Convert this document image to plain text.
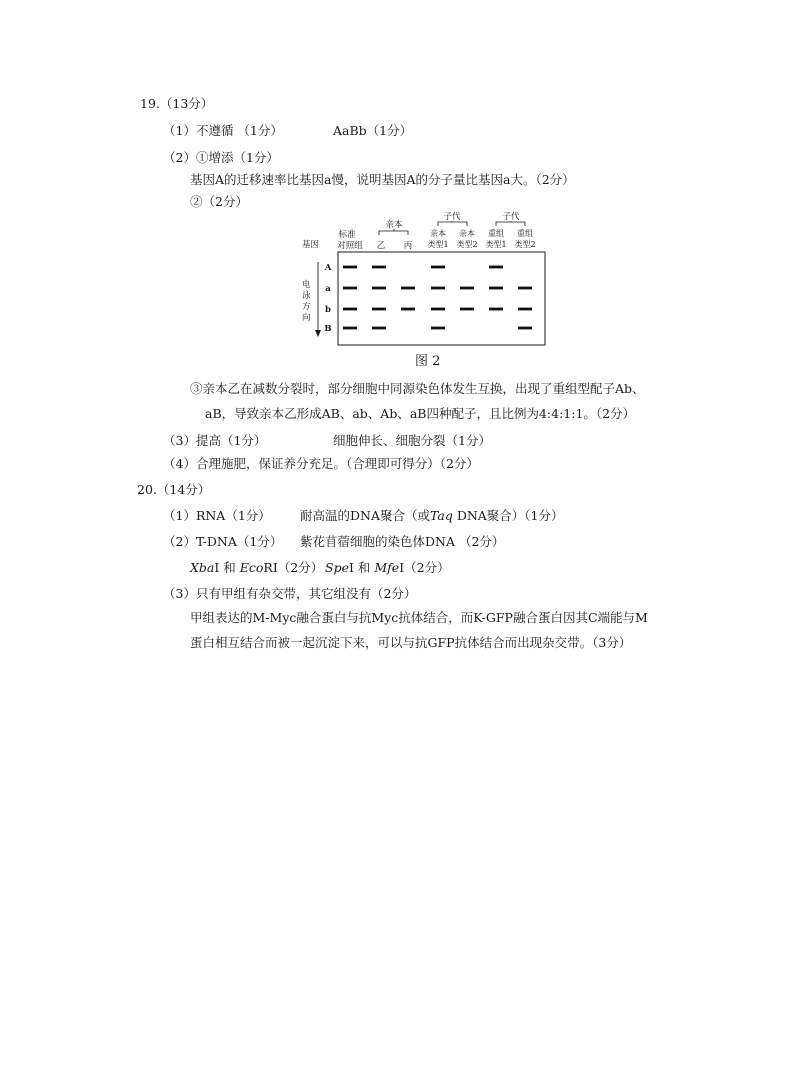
19.（13分）
（1）不遵循 （1分）	AaBb（1分）
（2）①增添（1分）
基因A的迁移速率比基因a慢，说明基因A的分子量比基因a大。（2分）
②（2分）
基因
电
泳
方
向
标准
对照组
亲本
乙 丙
子代	子代
亲本
类型1
亲本
类型2
重组
类型1
重组
类型2
A
a
b
B
图 2
③亲本乙在减数分裂时，部分细胞中同源染色体发生互换，出现了重组型配子Ab、
aB，导致亲本乙形成AB、ab、Ab、aB四种配子，且比例为4:4:1:1。（2分）
（3）提高（1分）	细胞伸长、细胞分裂（1分）
（4）合理施肥，保证养分充足。（合理即可得分）（2分）
20.（14分）
（1）RNA（1分） 耐高温的DNA聚合（或Taq DNA聚合）（1分）
（2）T-DNA（1分） 紫花苜蓿细胞的染色体DNA （2分）
XbaI 和 EcoRI（2分） SpeI 和 MfeI（2分）
（3）只有甲组有杂交带，其它组没有（2分）
甲组表达的M-Myc融合蛋白与抗Myc抗体结合，而K-GFP融合蛋白因其C端能与M
蛋白相互结合而被一起沉淀下来，可以与抗GFP抗体结合而出现杂交带。（3分）
